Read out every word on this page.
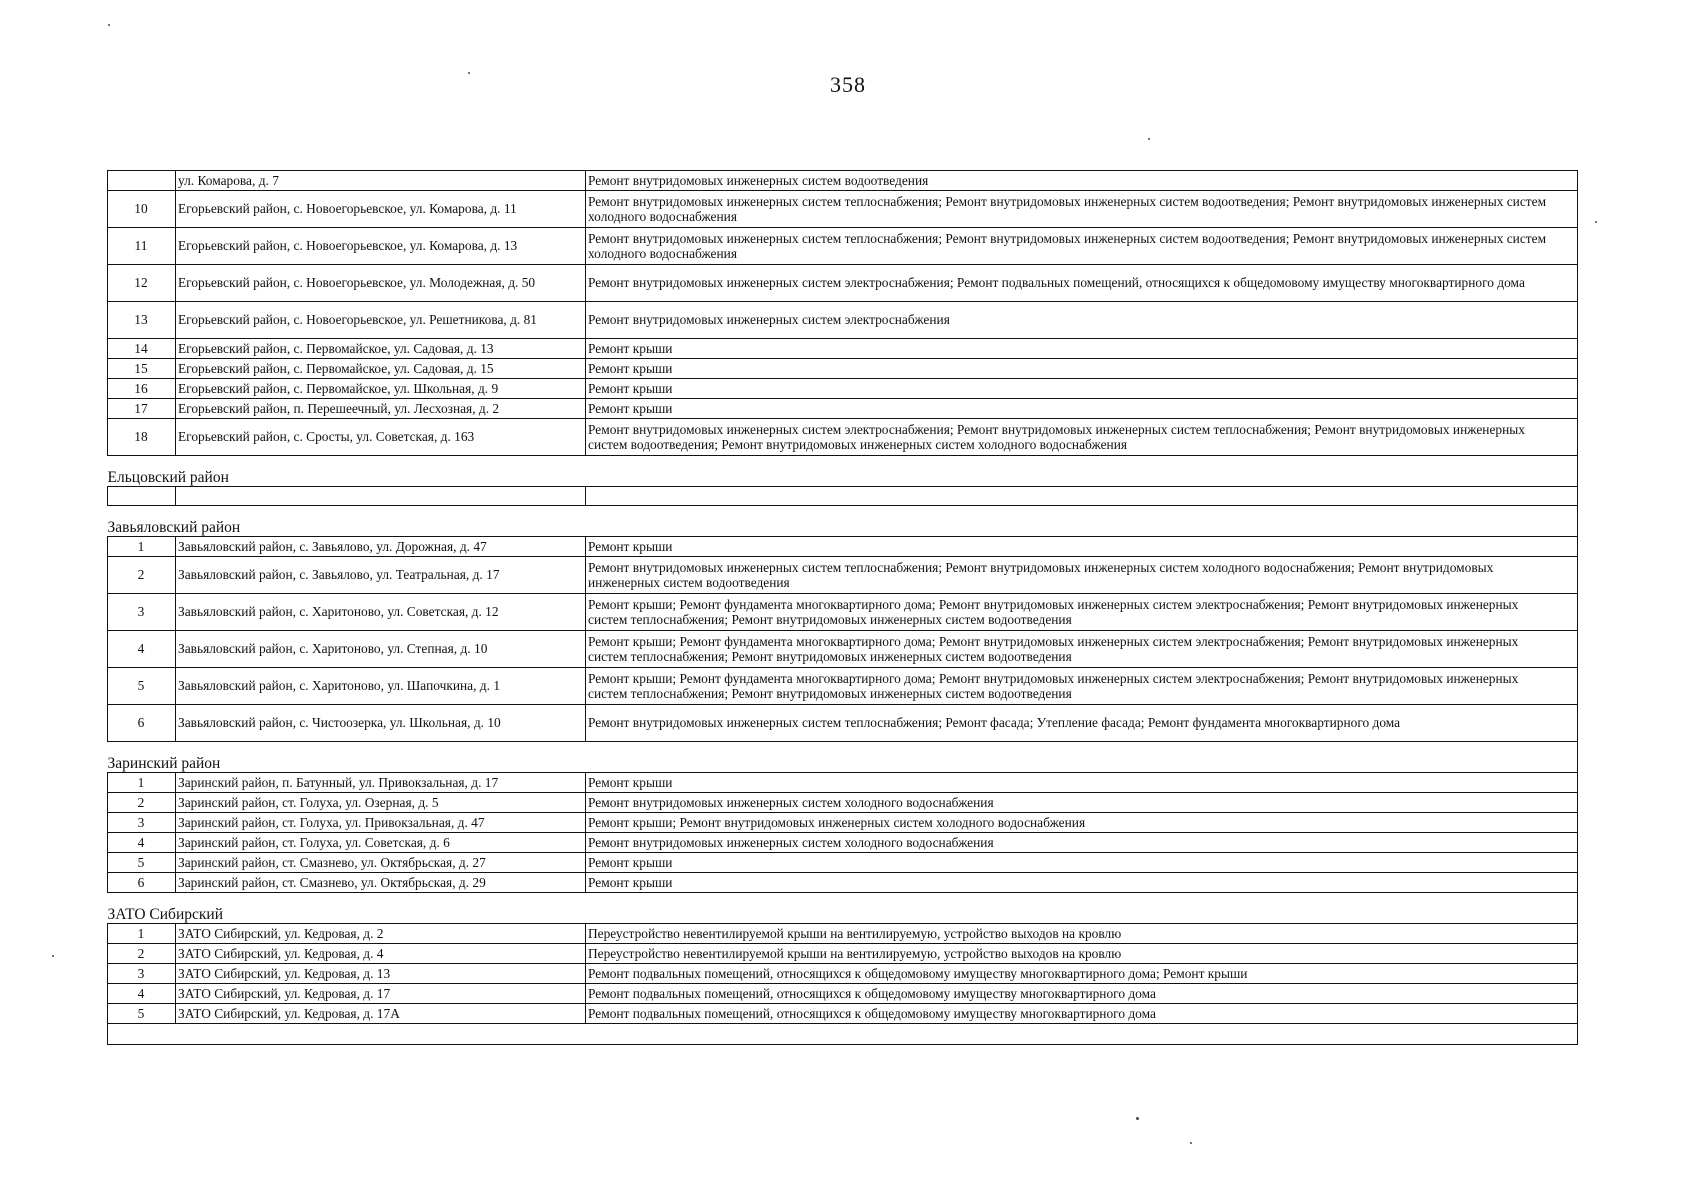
358
	ул. Комарова, д. 7	Ремонт внутридомовых инженерных систем водоотведения
10	Егорьевский район, с. Новоегорьевское, ул. Комарова, д. 11	Ремонт внутридомовых инженерных систем теплоснабжения; Ремонт внутридомовых инженерных систем водоотведения; Ремонт внутридомовых инженерных систем холодного водоснабжения
11	Егорьевский район, с. Новоегорьевское, ул. Комарова, д. 13	Ремонт внутридомовых инженерных систем теплоснабжения; Ремонт внутридомовых инженерных систем водоотведения; Ремонт внутридомовых инженерных систем холодного водоснабжения
12	Егорьевский район, с. Новоегорьевское, ул. Молодежная, д. 50	Ремонт внутридомовых инженерных систем электроснабжения; Ремонт подвальных помещений, относящихся к общедомовому имуществу многоквартирного дома
13	Егорьевский район, с. Новоегорьевское, ул. Решетникова, д. 81	Ремонт внутридомовых инженерных систем электроснабжения
14	Егорьевский район, с. Первомайское, ул. Садовая, д. 13	Ремонт крыши
15	Егорьевский район, с. Первомайское, ул. Садовая, д. 15	Ремонт крыши
16	Егорьевский район, с. Первомайское, ул. Школьная, д. 9	Ремонт крыши
17	Егорьевский район, п. Перешеечный, ул. Лесхозная, д. 2	Ремонт крыши
18	Егорьевский район, с. Сросты, ул. Советская, д. 163	Ремонт внутридомовых инженерных систем электроснабжения; Ремонт внутридомовых инженерных систем теплоснабжения; Ремонт внутридомовых инженерных систем водоотведения; Ремонт внутридомовых инженерных систем холодного водоснабжения

Ельцовский район		

Завьяловский район		

1	Завьяловский район, с. Завьялово, ул. Дорожная, д. 47	Ремонт крыши
2	Завьяловский район, с. Завьялово, ул. Театральная, д. 17	Ремонт внутридомовых инженерных систем теплоснабжения; Ремонт внутридомовых инженерных систем холодного водоснабжения; Ремонт внутридомовых инженерных систем водоотведения
3	Завьяловский район, с. Харитоново, ул. Советская, д. 12	Ремонт крыши; Ремонт фундамента многоквартирного дома; Ремонт внутридомовых инженерных систем электроснабжения; Ремонт внутридомовых инженерных систем теплоснабжения; Ремонт внутридомовых инженерных систем водоотведения
4	Завьяловский район, с. Харитоново, ул. Степная, д. 10	Ремонт крыши; Ремонт фундамента многоквартирного дома; Ремонт внутридомовых инженерных систем электроснабжения; Ремонт внутридомовых инженерных систем теплоснабжения; Ремонт внутридомовых инженерных систем водоотведения
5	Завьяловский район, с. Харитоново, ул. Шапочкина, д. 1	Ремонт крыши; Ремонт фундамента многоквартирного дома; Ремонт внутридомовых инженерных систем электроснабжения; Ремонт внутридомовых инженерных систем теплоснабжения; Ремонт внутридомовых инженерных систем водоотведения
6	Завьяловский район, с. Чистоозерка, ул. Школьная, д. 10	Ремонт внутридомовых инженерных систем теплоснабжения; Ремонт фасада; Утепление фасада; Ремонт фундамента многоквартирного дома

Заринский район		

1	Заринский район, п. Батунный, ул. Привокзальная, д. 17	Ремонт крыши
2	Заринский район, ст. Голуха, ул. Озерная, д. 5	Ремонт внутридомовых инженерных систем холодного водоснабжения
3	Заринский район, ст. Голуха, ул. Привокзальная, д. 47	Ремонт крыши; Ремонт внутридомовых инженерных систем холодного водоснабжения
4	Заринский район, ст. Голуха, ул. Советская, д. 6	Ремонт внутридомовых инженерных систем холодного водоснабжения
5	Заринский район, ст. Смазнево, ул. Октябрьская, д. 27	Ремонт крыши
6	Заринский район, ст. Смазнево, ул. Октябрьская, д. 29	Ремонт крыши

ЗАТО Сибирский		

1	ЗАТО Сибирский, ул. Кедровая, д. 2	Переустройство невентилируемой крыши на вентилируемую, устройство выходов на кровлю
2	ЗАТО Сибирский, ул. Кедровая, д. 4	Переустройство невентилируемой крыши на вентилируемую, устройство выходов на кровлю
3	ЗАТО Сибирский, ул. Кедровая, д. 13	Ремонт подвальных помещений, относящихся к общедомовому имуществу многоквартирного дома; Ремонт крыши
4	ЗАТО Сибирский, ул. Кедровая, д. 17	Ремонт подвальных помещений, относящихся к общедомовому имуществу многоквартирного дома
5	ЗАТО Сибирский, ул. Кедровая, д. 17А	Ремонт подвальных помещений, относящихся к общедомовому имуществу многоквартирного дома
